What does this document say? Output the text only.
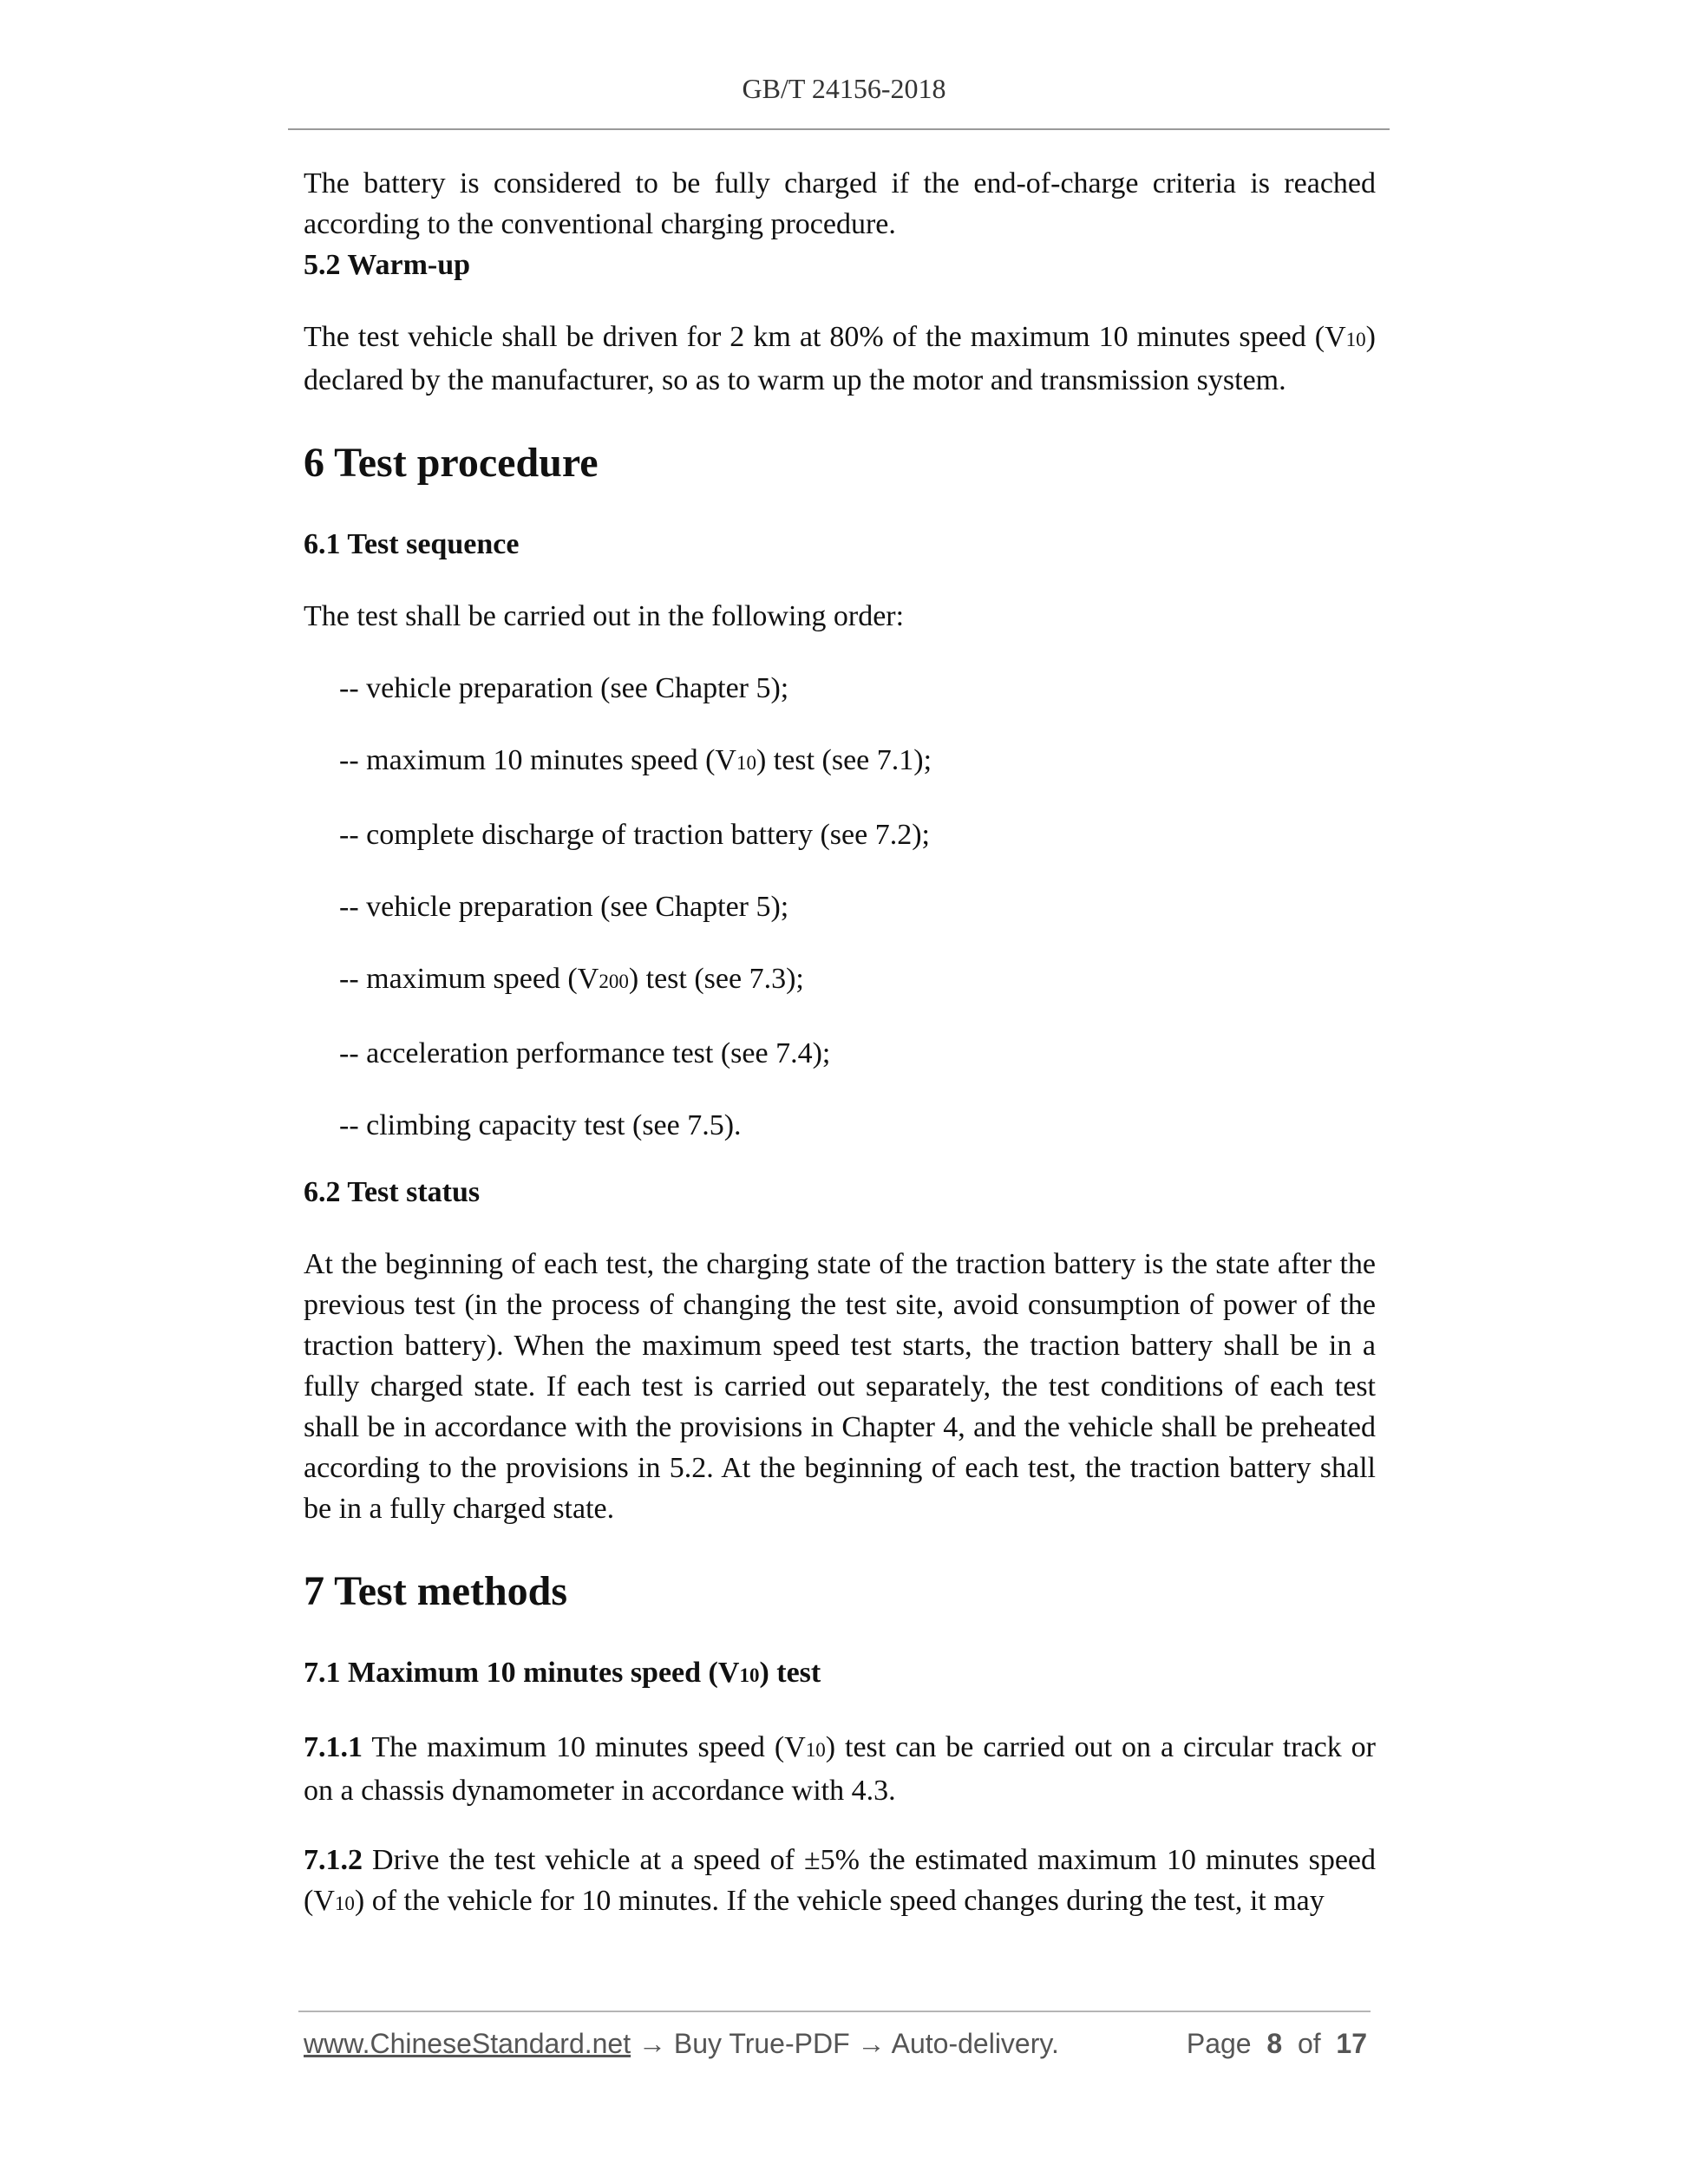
GB/T 24156-2018

The battery is considered to be fully charged if the end-of-charge criteria is reached according to the conventional charging procedure.

5.2 Warm-up

The test vehicle shall be driven for 2 km at 80% of the maximum 10 minutes speed (V10) declared by the manufacturer, so as to warm up the motor and transmission system.

6 Test procedure
6.1 Test sequence

The test shall be carried out in the following order:

-- vehicle preparation (see Chapter 5);
-- maximum 10 minutes speed (V10) test (see 7.1);
-- complete discharge of traction battery (see 7.2);
-- vehicle preparation (see Chapter 5);
-- maximum speed (V200) test (see 7.3);
-- acceleration performance test (see 7.4);
-- climbing capacity test (see 7.5).
6.2 Test status

At the beginning of each test, the charging state of the traction battery is the state after the previous test (in the process of changing the test site, avoid consumption of power of the traction battery). When the maximum speed test starts, the traction battery shall be in a fully charged state. If each test is carried out separately, the test conditions of each test shall be in accordance with the provisions in Chapter 4, and the vehicle shall be preheated according to the provisions in 5.2. At the beginning of each test, the traction battery shall be in a fully charged state.

7 Test methods
7.1 Maximum 10 minutes speed (V10) test

7.1.1 The maximum 10 minutes speed (V10) test can be carried out on a circular track or on a chassis dynamometer in accordance with 4.3.

7.1.2 Drive the test vehicle at a speed of ±5% the estimated maximum 10 minutes speed (V10) of the vehicle for 10 minutes. If the vehicle speed changes during the test, it may

www.ChineseStandard.net → Buy True-PDF → Auto-delivery.	Page 8 of 17
